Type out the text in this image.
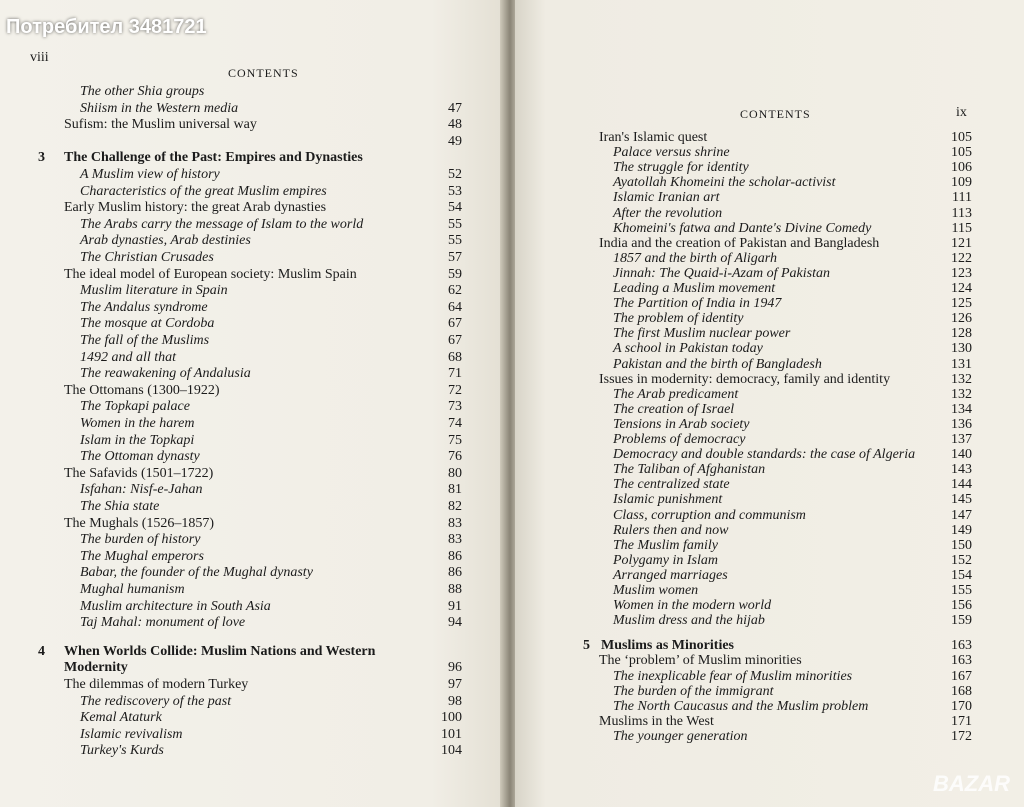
viii
CONTENTS
The other Shia groups
Shiism in the Western media	47
Sufism: the Muslim universal way	48
49
3 The Challenge of the Past: Empires and Dynasties
A Muslim view of history	52
Characteristics of the great Muslim empires	53
Early Muslim history: the great Arab dynasties	54
The Arabs carry the message of Islam to the world	55
Arab dynasties, Arab destinies	55
The Christian Crusades	57
The ideal model of European society: Muslim Spain	59
Muslim literature in Spain	62
The Andalus syndrome	64
The mosque at Cordoba	67
The fall of the Muslims	67
1492 and all that	68
The reawakening of Andalusia	71
The Ottomans (1300–1922)	72
The Topkapi palace	73
Women in the harem	74
Islam in the Topkapi	75
The Ottoman dynasty	76
The Safavids (1501–1722)	80
Isfahan: Nisf-e-Jahan	81
The Shia state	82
The Mughals (1526–1857)	83
The burden of history	83
The Mughal emperors	86
Babar, the founder of the Mughal dynasty	86
Mughal humanism	88
Muslim architecture in South Asia	91
Taj Mahal: monument of love	94
4 When Worlds Collide: Muslim Nations and Western
Modernity	96
The dilemmas of modern Turkey	97
The rediscovery of the past	98
Kemal Ataturk	100
Islamic revivalism	101
Turkey's Kurds	104
CONTENTS	ix
Iran's Islamic quest	105
Palace versus shrine	105
The struggle for identity	106
Ayatollah Khomeini the scholar-activist	109
Islamic Iranian art	111
After the revolution	113
Khomeini's fatwa and Dante's Divine Comedy	115
India and the creation of Pakistan and Bangladesh	121
1857 and the birth of Aligarh	122
Jinnah: The Quaid-i-Azam of Pakistan	123
Leading a Muslim movement	124
The Partition of India in 1947	125
The problem of identity	126
The first Muslim nuclear power	128
A school in Pakistan today	130
Pakistan and the birth of Bangladesh	131
Issues in modernity: democracy, family and identity	132
The Arab predicament	132
The creation of Israel	134
Tensions in Arab society	136
Problems of democracy	137
Democracy and double standards: the case of Algeria	140
The Taliban of Afghanistan	143
The centralized state	144
Islamic punishment	145
Class, corruption and communism	147
Rulers then and now	149
The Muslim family	150
Polygamy in Islam	152
Arranged marriages	154
Muslim women	155
Women in the modern world	156
Muslim dress and the hijab	159
5 Muslims as Minorities	163
The ‘problem’ of Muslim minorities	163
The inexplicable fear of Muslim minorities	167
The burden of the immigrant	168
The North Caucasus and the Muslim problem	170
Muslims in the West	171
The younger generation	172
Потребител 3481721
BAZAR
